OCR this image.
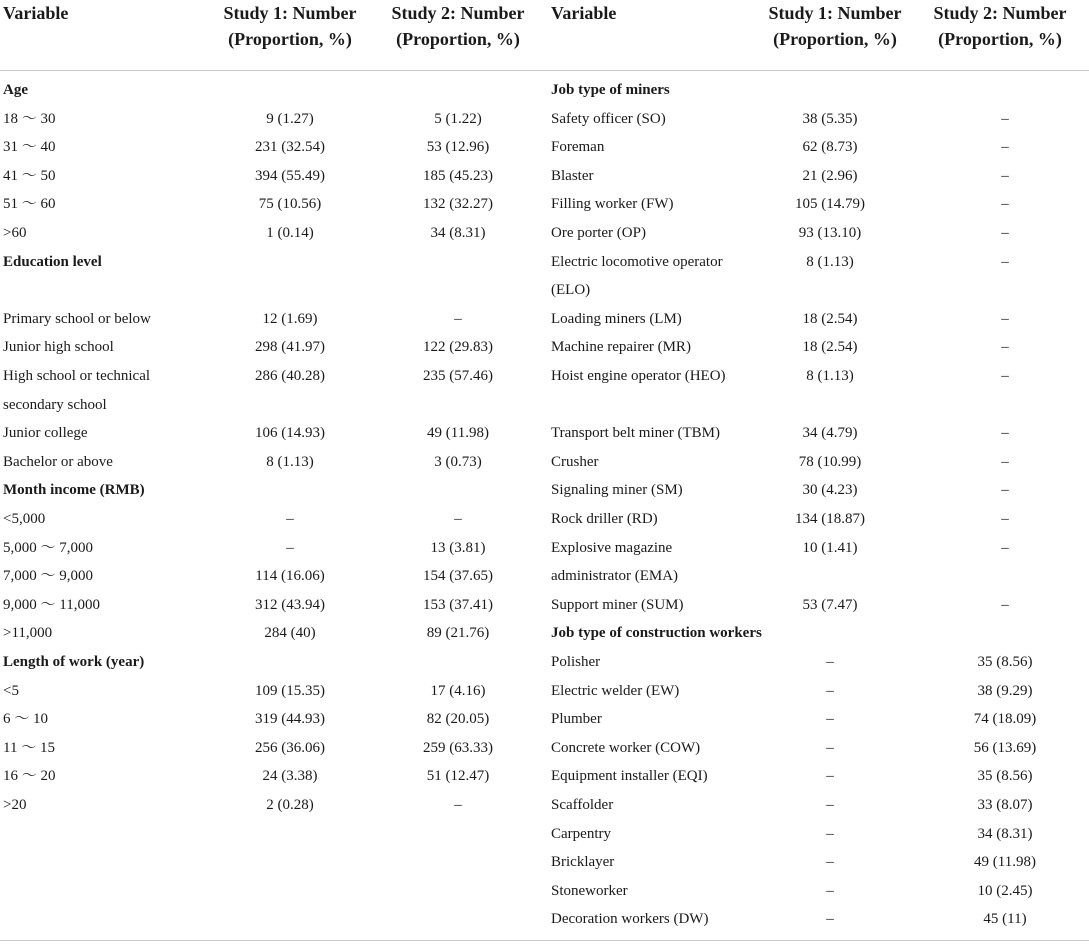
Variable	Study 1: Number
(Proportion, %)
Study 2: Number
(Proportion, %)
Variable	Study 1: Number
(Proportion, %)
Study 2: Number
(Proportion, %)
Age
18 ～ 30	9 (1.27)	5 (1.22)
31 ～ 40	231 (32.54)	53 (12.96)
41 ～ 50	394 (55.49)	185 (45.23)
51 ～ 60	75 (10.56)	132 (32.27)
>60	1 (0.14)	34 (8.31)
Education level
Primary school or below	12 (1.69)	–
Junior high school	298 (41.97)	122 (29.83)
High school or technical
secondary school
286 (40.28)	235 (57.46)
Junior college	106 (14.93)	49 (11.98)
Bachelor or above	8 (1.13)	3 (0.73)
Month income (RMB)
<5,000	–	–
5,000 ～ 7,000	–	13 (3.81)
7,000 ～ 9,000	114 (16.06)	154 (37.65)
9,000 ～ 11,000	312 (43.94)	153 (37.41)
>11,000	284 (40)	89 (21.76)
Length of work (year)
<5	109 (15.35)	17 (4.16)
6 ～ 10	319 (44.93)	82 (20.05)
11 ～ 15	256 (36.06)	259 (63.33)
16 ～ 20	24 (3.38)	51 (12.47)
>20	2 (0.28)	–
Job type of miners
Safety officer (SO)	38 (5.35)	–
Foreman	62 (8.73)	–
Blaster	21 (2.96)	–
Filling worker (FW)	105 (14.79)	–
Ore porter (OP)	93 (13.10)	–
Electric locomotive operator
(ELO)
8 (1.13)	–
Loading miners (LM)	18 (2.54)	–
Machine repairer (MR)	18 (2.54)	–
Hoist engine operator (HEO)	8 (1.13)	–
Transport belt miner (TBM)	34 (4.79)	–
Crusher	78 (10.99)	–
Signaling miner (SM)	30 (4.23)	–
Rock driller (RD)	134 (18.87)	–
Explosive magazine
administrator (EMA)
10 (1.41)	–
Support miner (SUM)	53 (7.47)	–
Job type of construction workers
Polisher	–	35 (8.56)
Electric welder (EW)	–	38 (9.29)
Plumber	–	74 (18.09)
Concrete worker (COW)	–	56 (13.69)
Equipment installer (EQI)	–	35 (8.56)
Scaffolder	–	33 (8.07)
Carpentry	–	34 (8.31)
Bricklayer	–	49 (11.98)
Stoneworker	–	10 (2.45)
Decoration workers (DW)	–	45 (11)
